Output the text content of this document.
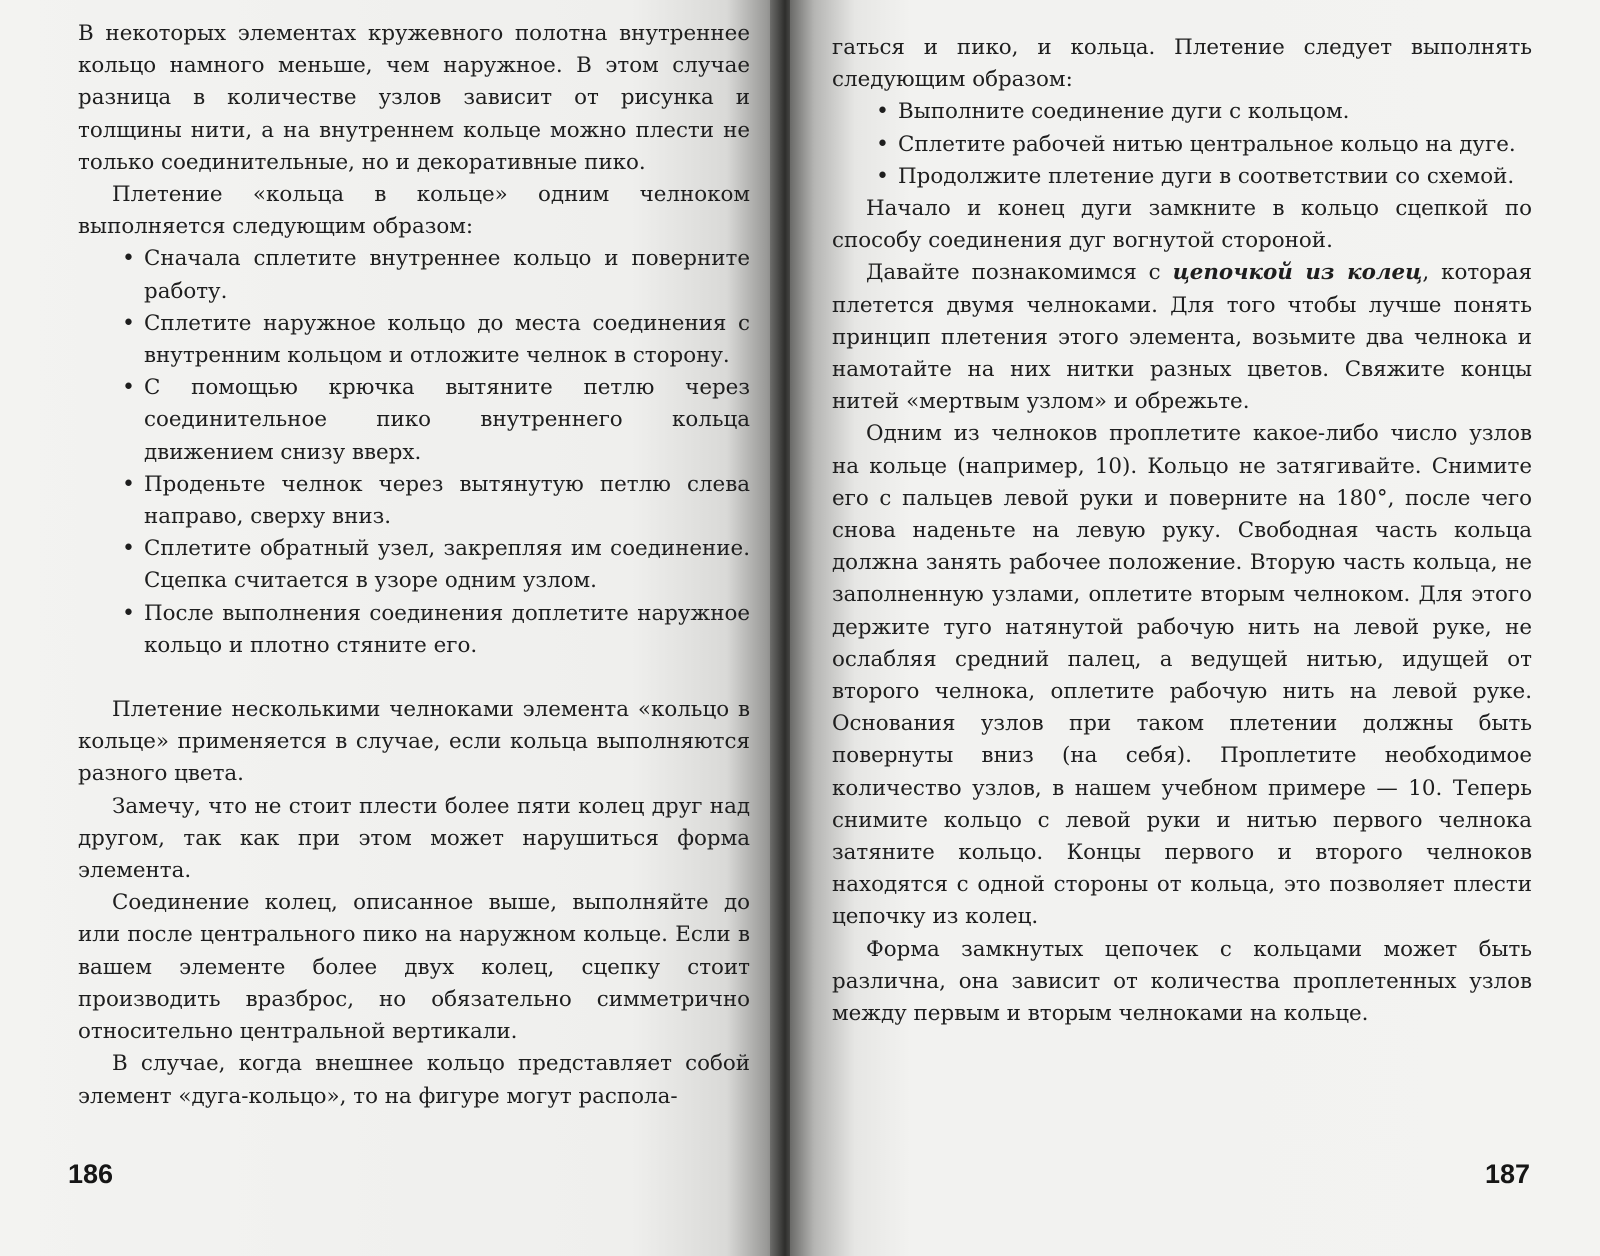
В некоторых элементах кружевного полотна внутреннее кольцо намного меньше, чем наружное. В этом случае разница в количестве узлов зависит от рисунка и толщины нити, а на внутреннем кольце можно плести не только соединительные, но и декоративные пико.

Плетение «кольца в кольце» одним челноком выполняется следующим образом:

• Сначала сплетите внутреннее кольцо и поверните работу.
• Сплетите наружное кольцо до места соединения с внутренним кольцом и отложите челнок в сторону.
• С помощью крючка вытяните петлю через соединительное пико внутреннего кольца движением снизу вверх.
• Проденьте челнок через вытянутую петлю слева направо, сверху вниз.
• Сплетите обратный узел, закрепляя им соединение. Сцепка считается в узоре одним узлом.
• После выполнения соединения доплетите наружное кольцо и плотно стяните его.

Плетение несколькими челноками элемента «кольцо в кольце» применяется в случае, если кольца выполняются разного цвета.

Замечу, что не стоит плести более пяти колец друг над другом, так как при этом может нарушиться форма элемента.

Соединение колец, описанное выше, выполняйте до или после центрального пико на наружном кольце. Если в вашем элементе более двух колец, сцепку стоит производить вразброс, но обязательно симметрично относительно центральной вертикали.

В случае, когда внешнее кольцо представляет собой элемент «дуга-кольцо», то на фигуре могут распола-

186

гаться и пико, и кольца. Плетение следует выполнять следующим образом:

• Выполните соединение дуги с кольцом.
• Сплетите рабочей нитью центральное кольцо на дуге.
• Продолжите плетение дуги в соответствии со схемой.

Начало и конец дуги замкните в кольцо сцепкой по способу соединения дуг вогнутой стороной.

Давайте познакомимся с цепочкой из колец, которая плетется двумя челноками. Для того чтобы лучше понять принцип плетения этого элемента, возьмите два челнока и намотайте на них нитки разных цветов. Свяжите концы нитей «мертвым узлом» и обрежьте.

Одним из челноков проплетите какое-либо число узлов на кольце (например, 10). Кольцо не затягивайте. Снимите его с пальцев левой руки и поверните на 180°, после чего снова наденьте на левую руку. Свободная часть кольца должна занять рабочее положение. Вторую часть кольца, не заполненную узлами, оплетите вторым челноком. Для этого держите туго натянутой рабочую нить на левой руке, не ослабляя средний палец, а ведущей нитью, идущей от второго челнока, оплетите рабочую нить на левой руке. Основания узлов при таком плетении должны быть повернуты вниз (на себя). Проплетите необходимое количество узлов, в нашем учебном примере — 10. Теперь снимите кольцо с левой руки и нитью первого челнока затяните кольцо. Концы первого и второго челноков находятся с одной стороны от кольца, это позволяет плести цепочку из колец.

Форма замкнутых цепочек с кольцами может быть различна, она зависит от количества проплетенных узлов между первым и вторым челноками на кольце.

187
